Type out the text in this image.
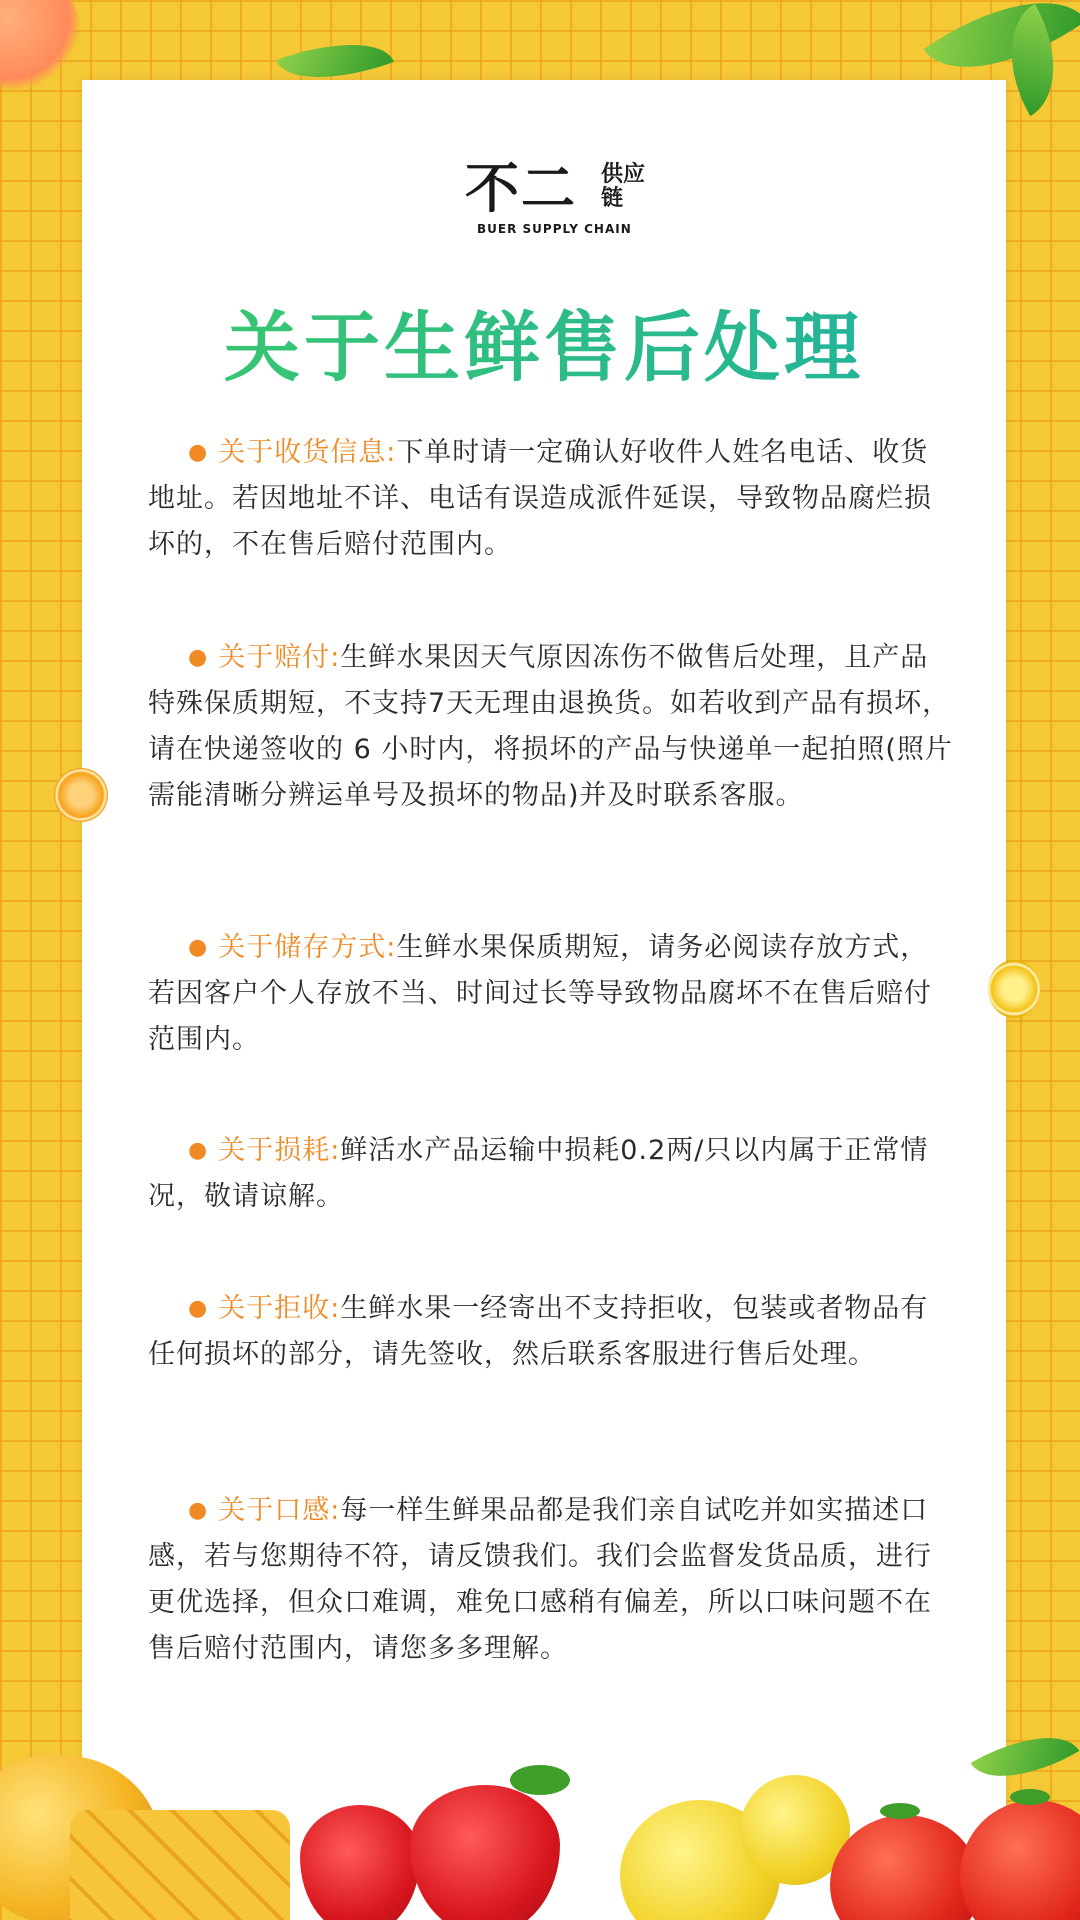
不二 供应链
BUER SUPPLY CHAIN
关于生鲜售后处理
● 关于收货信息:下单时请一定确认好收件人姓名电话、收货地址。若因地址不详、电话有误造成派件延误，导致物品腐烂损坏的，不在售后赔付范围内。
● 关于赔付:生鲜水果因天气原因冻伤不做售后处理，且产品特殊保质期短，不支持7天无理由退换货。如若收到产品有损坏，请在快递签收的 6 小时内，将损坏的产品与快递单一起拍照(照片需能清晰分辨运单号及损坏的物品)并及时联系客服。
● 关于储存方式:生鲜水果保质期短，请务必阅读存放方式，若因客户个人存放不当、时间过长等导致物品腐坏不在售后赔付范围内。
● 关于损耗:鲜活水产品运输中损耗0.2两/只以内属于正常情况，敬请谅解。
● 关于拒收:生鲜水果一经寄出不支持拒收，包装或者物品有任何损坏的部分，请先签收，然后联系客服进行售后处理。
● 关于口感:每一样生鲜果品都是我们亲自试吃并如实描述口感，若与您期待不符，请反馈我们。我们会监督发货品质，进行更优选择，但众口难调，难免口感稍有偏差，所以口味问题不在售后赔付范围内，请您多多理解。
